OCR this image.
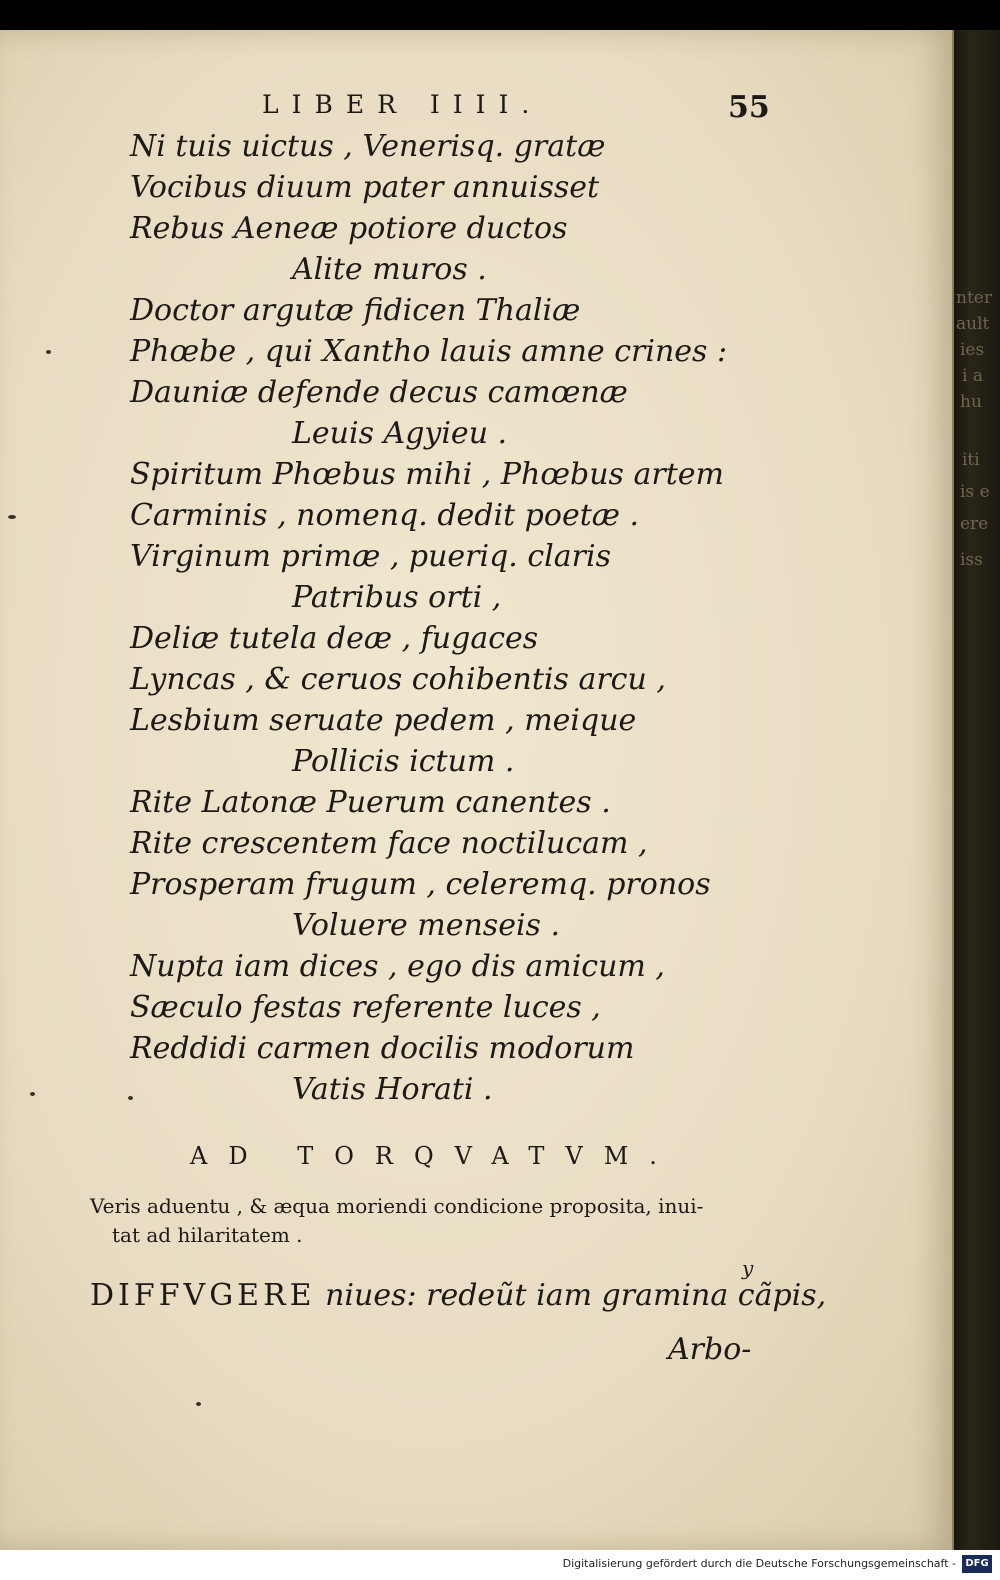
nter
ault
ies
i a
hu
iti
is e
ere
iss
LIBER IIII.	55
Ni tuis uictus , Venerisq. gratæ
Vocibus diuum pater annuisset
Rebus Aeneæ potiore ductos
Alite muros .
Doctor argutæ fidicen Thaliæ
Phœbe , qui Xantho lauis amne crines :
Dauniæ defende decus camœnæ
Leuis Agyieu .
Spiritum Phœbus mihi , Phœbus artem
Carminis , nomenq. dedit poetæ .
Virginum primæ , pueriq. claris
Patribus orti ,
Deliæ tutela deæ , fugaces
Lyncas , & ceruos cohibentis arcu ,
Lesbium seruate pedem , meique
Pollicis ictum .
Rite Latonæ Puerum canentes .
Rite crescentem face noctilucam ,
Prosperam frugum , celeremq. pronos
Voluere menseis .
Nupta iam dices , ego dis amicum ,
Sæculo festas referente luces ,
Reddidi carmen docilis modorum
Vatis Horati .
AD TORQVATVM.
Veris aduentu , & æqua moriendi condicione proposita, inui-
tat ad hilaritatem .
y
DIFFVGERE niues: redeũt iam gramina cãpis,
Arbo-
Digitalisierung gefördert durch die Deutsche Forschungsgemeinschaft - DFG
